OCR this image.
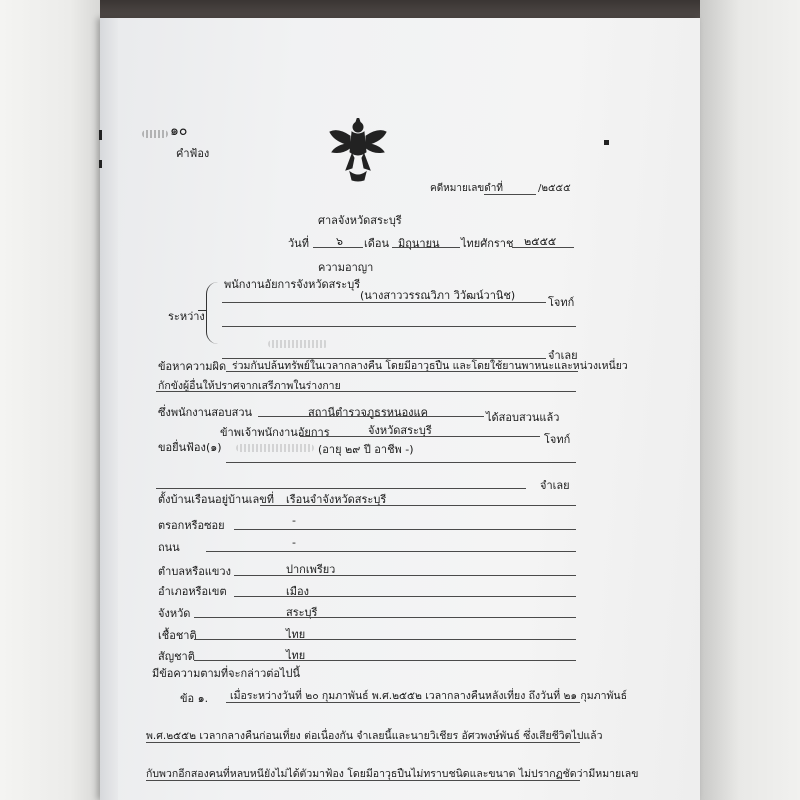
๑๐
คำฟ้อง
คดีหมายเลขดำที่	/๒๕๕๕
ศาลจังหวัดสระบุรี
วันที่ ๖ เดือน มิถุนายน ไทยศักราช ๒๕๕๕
ความอาญา
พนักงานอัยการจังหวัดสระบุรี
(นางสาววรรณวิภา วิวัฒน์วานิช)
โจทก์
ระหว่าง
จำเลย
ข้อหาความผิด ร่วมกันปล้นทรัพย์ในเวลากลางคืน โดยมีอาวุธปืน และโดยใช้ยานพาหนะและหน่วงเหนี่ยว
กักขังผู้อื่นให้ปราศจากเสรีภาพในร่างกาย
ซึ่งพนักงานสอบสวน	สถานีตำรวจภูธรหนองแค	ได้สอบสวนแล้ว
ข้าพเจ้าพนักงานอัยการ	จังหวัดสระบุรี
โจทก์
ขอยื่นฟ้อง (๑)	(อายุ ๒๙ ปี อาชีพ -)
จำเลย
ตั้งบ้านเรือนอยู่บ้านเลขที่ เรือนจำจังหวัดสระบุรี
ตรอกหรือซอย	-
ถนน	-
ตำบลหรือแขวง	ปากเพรียว
อำเภอหรือเขต	เมือง
จังหวัด	สระบุรี
เชื้อชาติ	ไทย
สัญชาติ	ไทย
มีข้อความตามที่จะกล่าวต่อไปนี้
ข้อ ๑. เมื่อระหว่างวันที่ ๒๐ กุมภาพันธ์ พ.ศ.๒๕๕๒ เวลากลางคืนหลังเที่ยง ถึงวันที่ ๒๑ กุมภาพันธ์
พ.ศ.๒๕๕๒ เวลากลางคืนก่อนเที่ยง ต่อเนื่องกัน จำเลยนี้และนายวิเชียร อัศวพงษ์พันธ์ ซึ่งเสียชีวิตไปแล้ว
กับพวกอีกสองคนที่หลบหนียังไม่ได้ตัวมาฟ้อง โดยมีอาวุธปืนไม่ทราบชนิดและขนาด ไม่ปรากฏชัดว่ามีหมายเลข
